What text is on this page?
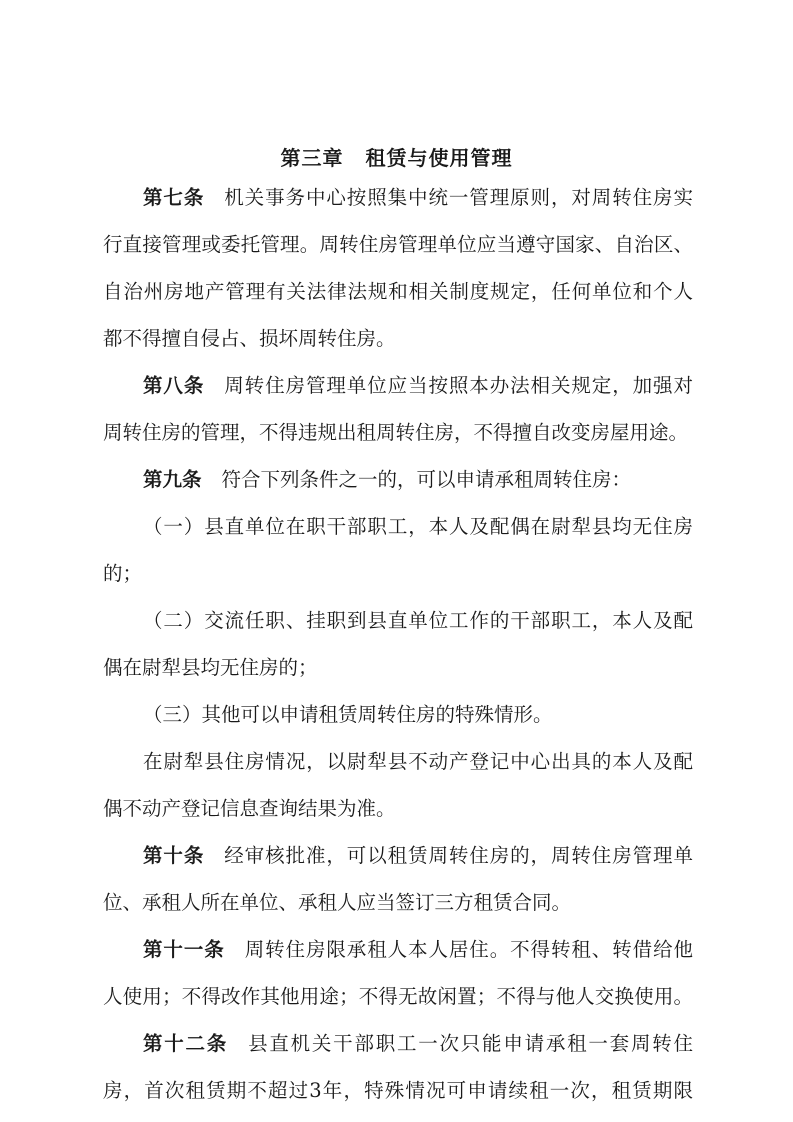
第三章 租赁与使用管理
第七条 机关事务中心按照集中统一管理原则，对周转住房实
行直接管理或委托管理。周转住房管理单位应当遵守国家、自治区、
自治州房地产管理有关法律法规和相关制度规定，任何单位和个人
都不得擅自侵占、损坏周转住房。
第八条 周转住房管理单位应当按照本办法相关规定，加强对
周转住房的管理，不得违规出租周转住房，不得擅自改变房屋用途。
第九条 符合下列条件之一的，可以申请承租周转住房：
（一）县直单位在职干部职工，本人及配偶在尉犁县均无住房
的；
（二）交流任职、挂职到县直单位工作的干部职工，本人及配
偶在尉犁县均无住房的；
（三）其他可以申请租赁周转住房的特殊情形。
在尉犁县住房情况，以尉犁县不动产登记中心出具的本人及配
偶不动产登记信息查询结果为准。
第十条 经审核批准，可以租赁周转住房的，周转住房管理单
位、承租人所在单位、承租人应当签订三方租赁合同。
第十一条 周转住房限承租人本人居住。不得转租、转借给他
人使用；不得改作其他用途；不得无故闲置；不得与他人交换使用。
第十二条 县直机关干部职工一次只能申请承租一套周转住
房，首次租赁期不超过3年，特殊情况可申请续租一次，租赁期限
